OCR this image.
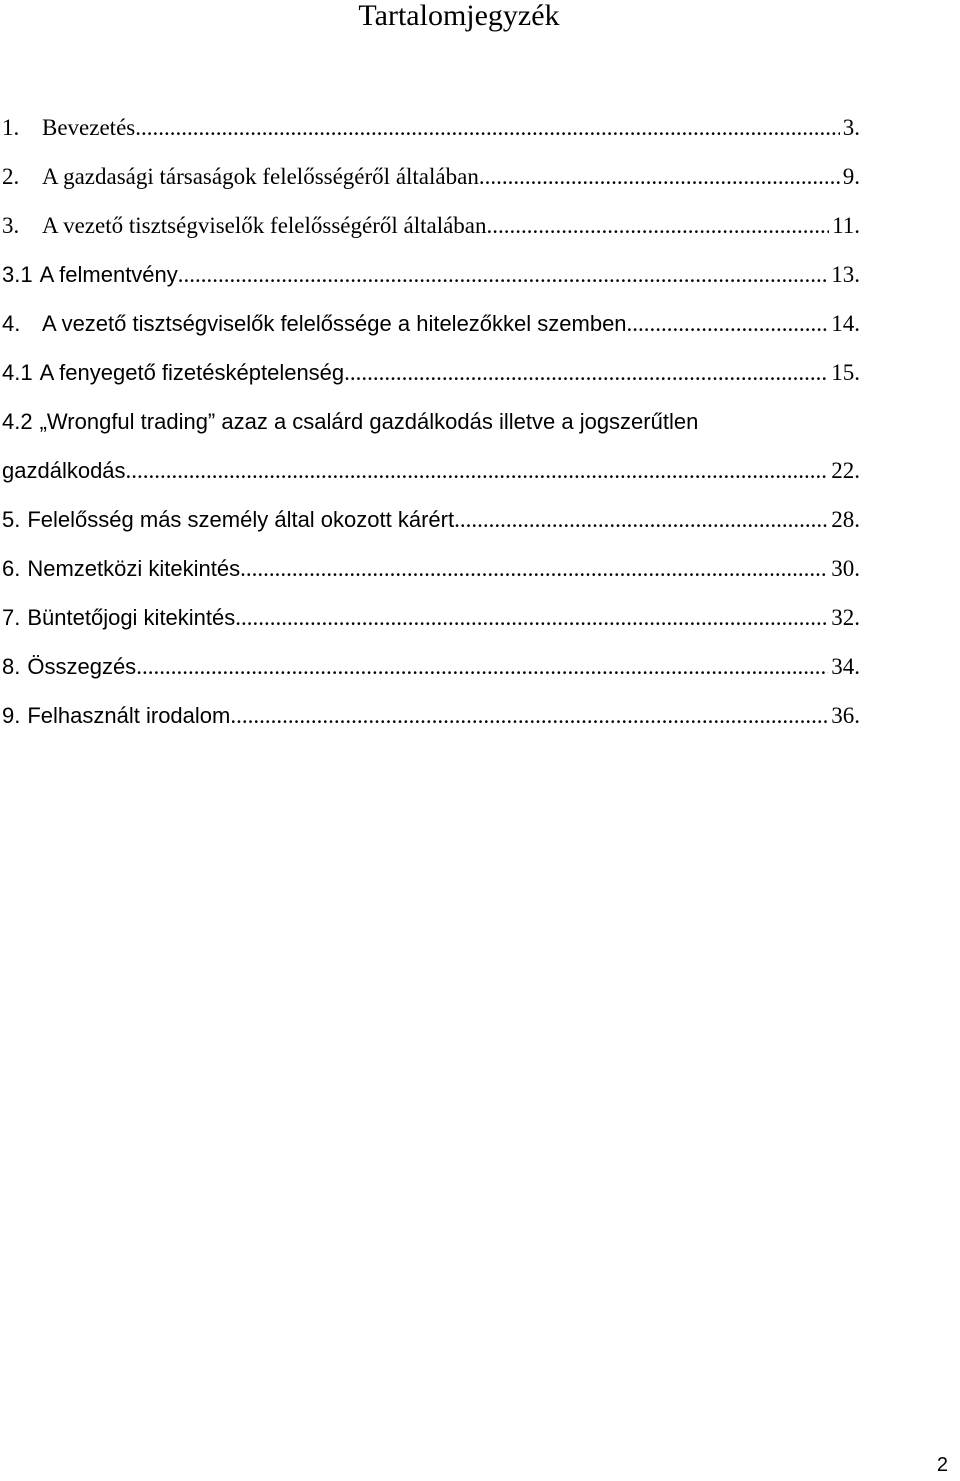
Tartalomjegyzék
1. Bevezetés .....	3.
2. A gazdasági társaságok felelősségéről általában .....	9.
3. A vezető tisztségviselők felelősségéről általában .....	11.
3.1 A felmentvény .....	13.
4. A vezető tisztségviselők felelőssége a hitelezőkkel szemben .....	14.
4.1 A fenyegető fizetésképtelenség .....	15.
4.2 „Wrongful trading” azaz a csalárd gazdálkodás illetve a jogszerűtlen
gazdálkodás .....	22.
5. Felelősség más személy által okozott kárért .....	28.
6. Nemzetközi kitekintés .....	30.
7. Büntetőjogi kitekintés .....	32.
8. Összegzés .....	34.
9. Felhasznált irodalom .....	36.
2
